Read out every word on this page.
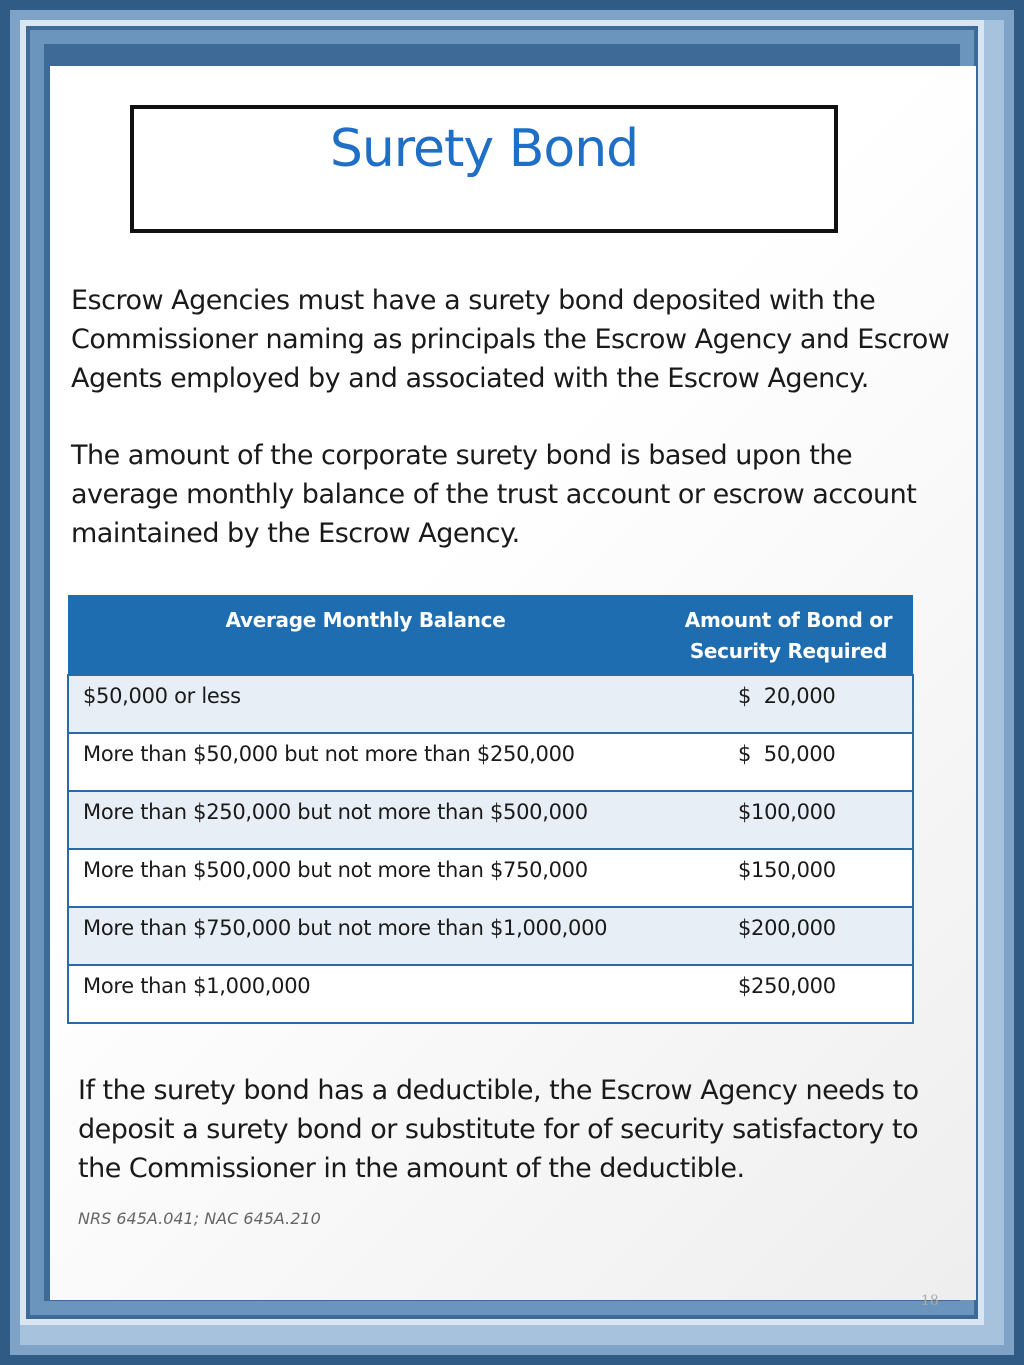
Surety Bond
Escrow Agencies must have a surety bond deposited with the
Commissioner naming as principals the Escrow Agency and Escrow
Agents employed by and associated with the Escrow Agency.
The amount of the corporate surety bond is based upon the
average monthly balance of the trust account or escrow account
maintained by the Escrow Agency.
Average Monthly Balance	Amount of Bond or
Security Required
$50,000 or less	$  20,000
More than $50,000 but not more than $250,000	$  50,000
More than $250,000 but not more than $500,000	$100,000
More than $500,000 but not more than $750,000	$150,000
More than $750,000 but not more than $1,000,000	$200,000
More than $1,000,000	$250,000
If the surety bond has a deductible, the Escrow Agency needs to
deposit a surety bond or substitute for of security satisfactory to
the Commissioner in the amount of the deductible.
NRS 645A.041; NAC 645A.210
18
